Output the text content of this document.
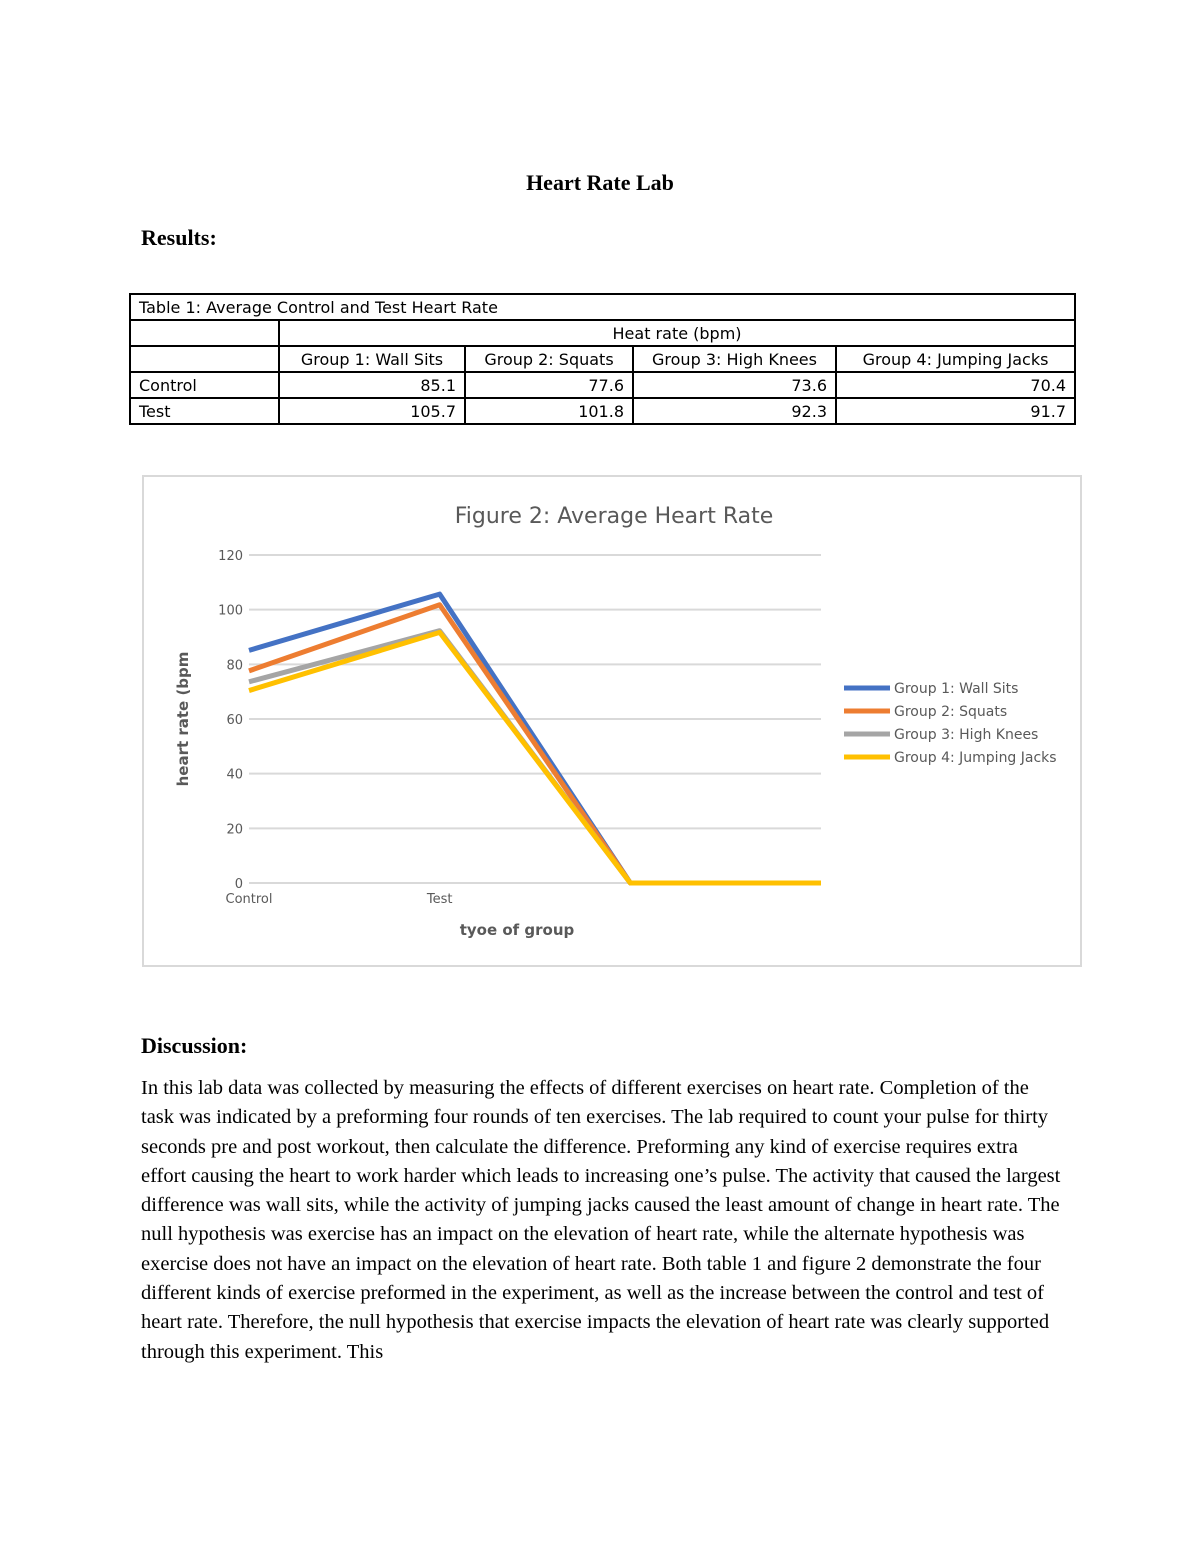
Heart Rate Lab
Results:
Table 1: Average Control and Test Heart Rate				
	Heat rate (bpm)			
	Group 1: Wall Sits	Group 2: Squats	Group 3: High Knees	Group 4: Jumping Jacks
Control	85.1	77.6	73.6	70.4
Test	105.7	101.8	92.3	91.7
Figure 2: Average Heart Rate
0
20
40
60
80
100
120
Control	Test
tyoe of group
heart rate (bpm	Group 1: Wall Sits
Group 2: Squats
Group 3: High Knees
Group 4: Jumping Jacks
Discussion:
In this lab data was collected by measuring the effects of different exercises on heart rate. Completion of the task was indicated by a preforming four rounds of ten exercises. The lab required to count your pulse for thirty seconds pre and post workout, then calculate the difference. Preforming any kind of exercise requires extra effort causing the heart to work harder which leads to increasing one’s pulse. The activity that caused the largest difference was wall sits, while the activity of jumping jacks caused the least amount of change in heart rate. The null hypothesis was exercise has an impact on the elevation of heart rate, while the alternate hypothesis was exercise does not have an impact on the elevation of heart rate. Both table 1 and figure 2 demonstrate the four different kinds of exercise preformed in the experiment, as well as the increase between the control and test of heart rate. Therefore, the null hypothesis that exercise impacts the elevation of heart rate was clearly supported through this experiment. This
